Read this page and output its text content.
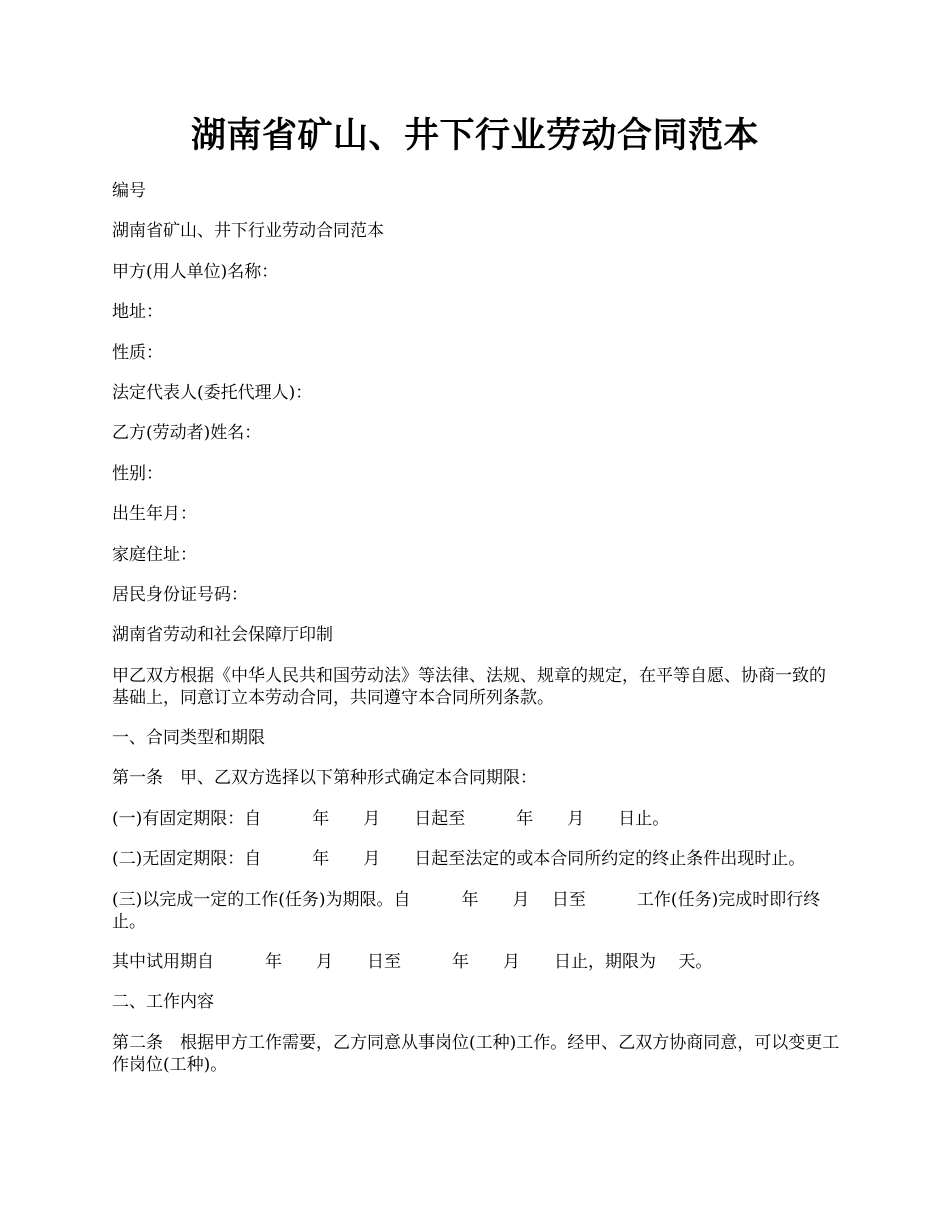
湖南省矿山、井下行业劳动合同范本

编号

湖南省矿山、井下行业劳动合同范本

甲方(用人单位)名称：

地址：

性质：

法定代表人(委托代理人)：

乙方(劳动者)姓名：

性别：

出生年月：

家庭住址：

居民身份证号码：

湖南省劳动和社会保障厅印制

甲乙双方根据《中华人民共和国劳动法》等法律、法规、规章的规定，在平等自愿、协商一致的基础上，同意订立本劳动合同，共同遵守本合同所列条款。

一、合同类型和期限

第一条　甲、乙双方选择以下第种形式确定本合同期限：

(一)有固定期限：自　　　年　　月　　日起至　　　年　　月　　日止。

(二)无固定期限：自　　　年　　月　　日起至法定的或本合同所约定的终止条件出现时止。

(三)以完成一定的工作(任务)为期限。自　　　年　　月　 日至　　　工作(任务)完成时即行终止。

其中试用期自　　　年　　月　　日至　　　年　　月　　日止，期限为　 天。

二、工作内容

第二条　根据甲方工作需要，乙方同意从事岗位(工种)工作。经甲、乙双方协商同意，可以变更工作岗位(工种)。
